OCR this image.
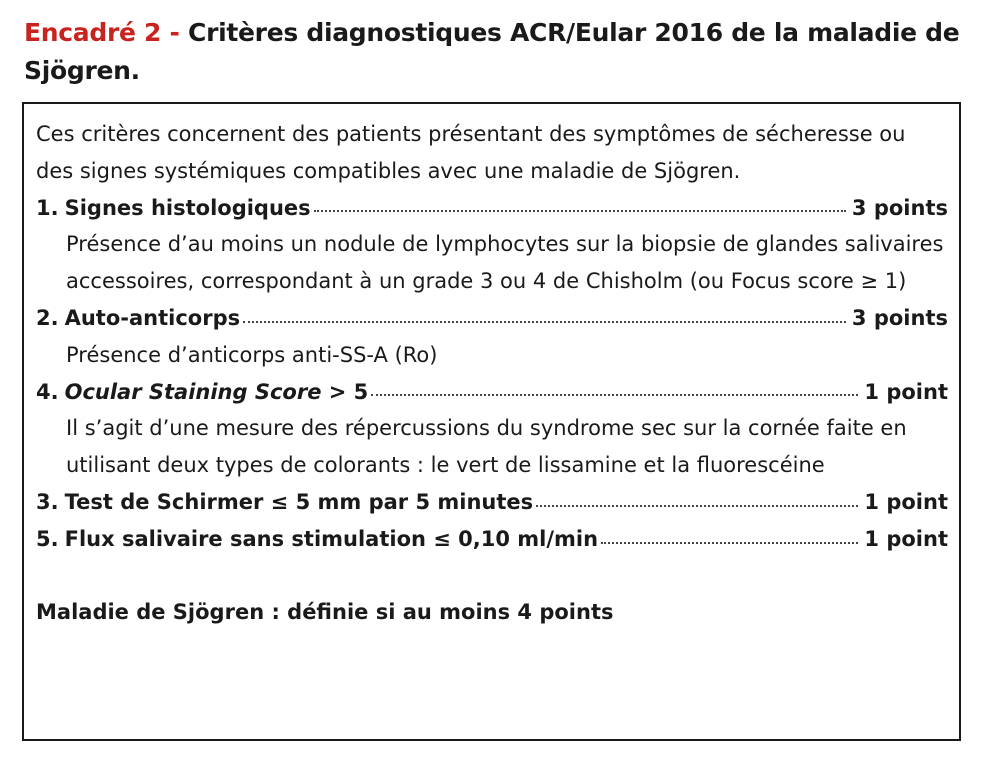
Encadré 2 - Critères diagnostiques ACR/Eular 2016 de la maladie de Sjögren.

Ces critères concernent des patients présentant des symptômes de sécheresse ou des signes systémiques compatibles avec une maladie de Sjögren.

1. Signes histologiques	3 points

Présence d’au moins un nodule de lymphocytes sur la biopsie de glandes salivaires accessoires, correspondant à un grade 3 ou 4 de Chisholm (ou Focus score ≥ 1)

2. Auto-anticorps	3 points

Présence d’anticorps anti-SS-A (Ro)

4. Ocular Staining Score > 5	1 point

Il s’agit d’une mesure des répercussions du syndrome sec sur la cornée faite en utilisant deux types de colorants : le vert de lissamine et la fluorescéine

3. Test de Schirmer ≤ 5 mm par 5 minutes	1 point
5. Flux salivaire sans stimulation ≤ 0,10 ml/min	1 point

Maladie de Sjögren : définie si au moins 4 points
